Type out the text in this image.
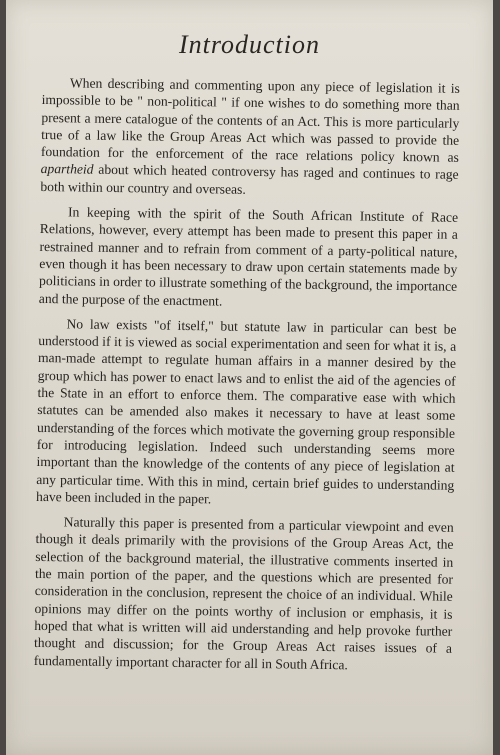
Introduction

When describing and commenting upon any piece of legislation it is impossible to be " non-political " if one wishes to do something more than present a mere catalogue of the contents of an Act. This is more particularly true of a law like the Group Areas Act which was passed to provide the foundation for the enforcement of the race relations policy known as apartheid about which heated controversy has raged and continues to rage both within our country and overseas.

In keeping with the spirit of the South African Institute of Race Relations, however, every attempt has been made to present this paper in a restrained manner and to refrain from comment of a party-political nature, even though it has been necessary to draw upon certain statements made by politicians in order to illustrate something of the background, the importance and the purpose of the enactment.

No law exists "of itself," but statute law in particular can best be understood if it is viewed as social experimentation and seen for what it is, a man-made attempt to regulate human affairs in a manner desired by the group which has power to enact laws and to enlist the aid of the agencies of the State in an effort to enforce them. The comparative ease with which statutes can be amended also makes it necessary to have at least some understanding of the forces which motivate the governing group responsible for introducing legislation. Indeed such understanding seems more important than the knowledge of the contents of any piece of legislation at any particular time. With this in mind, certain brief guides to understanding have been included in the paper.

Naturally this paper is presented from a particular viewpoint and even though it deals primarily with the provisions of the Group Areas Act, the selection of the background material, the illustrative comments inserted in the main portion of the paper, and the questions which are presented for consideration in the conclusion, represent the choice of an individual. While opinions may differ on the points worthy of inclusion or emphasis, it is hoped that what is written will aid understanding and help provoke further thought and discussion; for the Group Areas Act raises issues of a fundamentally important character for all in South Africa.
